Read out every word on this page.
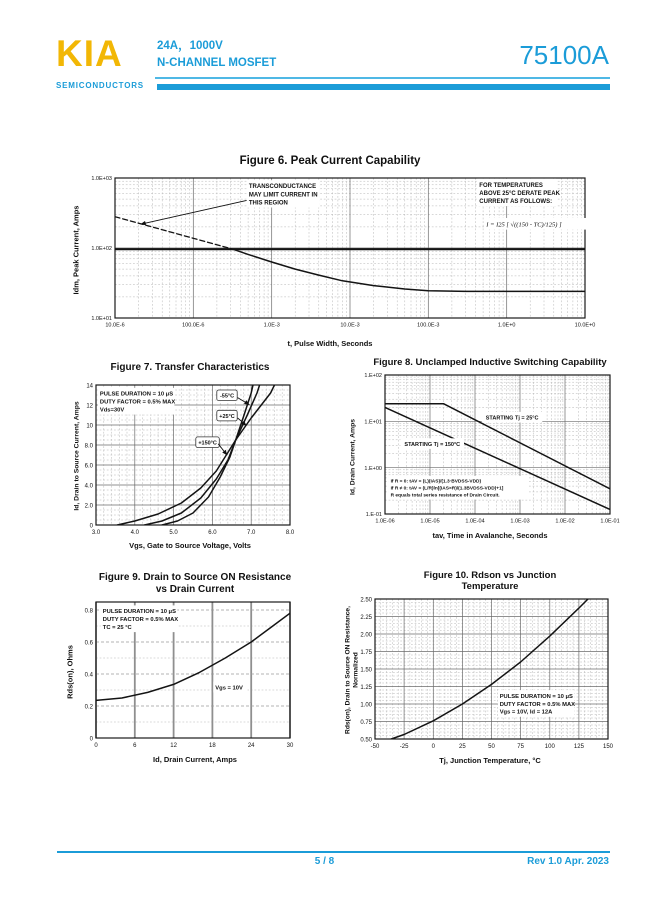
KIA
SEMICONDUCTORS
24A，1000V
N-CHANNEL MOSFET	75100A
Figure 6. Peak Current Capability
Idm, Peak Current, Amps
TRANSCONDUCTANCE
MAY LIMIT CURRENT IN
THIS REGION
FOR TEMPERATURES
ABOVE 25°C DERATE PEAK
CURRENT AS FOLLOWS:
I = I25 [ √((150 - TC)/125) ]
10.0E-6	100.0E-6	1.0E-3	10.0E-3	100.0E-3	1.0E+0	10.0E+0
1.0E+01
1.0E+02
1.0E+03
t, Pulse Width, Seconds
Figure 7. Transfer Characteristics
Id, Drain to Source Current, Amps
PULSE DURATION = 10 μS
DUTY FACTOR = 0.5% MAX
Vds=30V
-55°C
+25°C
+150°C
3.0	4.0	5.0	6.0	7.0	8.0
0
2.0
4.0
6.0
8.0
10
12
14
Vgs, Gate to Source Voltage, Volts
Figure 8. Unclamped Inductive Switching Capability
Id, Drain Current, Amps
STARTING Tj = 25°C
STARTING Tj = 150°C
If R = 0: tAV = (L)(IAS)/(1.3·BVDSS-VDD)
If R ≠ 0: tAV = (L/R)ln[(IAS×R)/(1.3BVDSS-VDD)+1]
R equals total series resistance of Drain Circuit.
1.0E-06	1.0E-05	1.0E-04	1.0E-03	1.0E-02	1.0E-01
1.E-01
1.E+00
1.E+01
1.E+02
tav, Time in Avalanche, Seconds
Figure 9. Drain to Source ON Resistance vs Drain Current
Rds(on), Ohms
PULSE DURATION = 10 μS
DUTY FACTOR = 0.5% MAX
TC = 25 °C
Vgs = 10V
0	6	12	18	24	30
0
0.2
0.4
0.6
0.8
Id, Drain Current, Amps
Figure 10. Rdson vs Junction Temperature
Rds(on), Drain to Source ON Resistance, Normalized
PULSE DURATION = 10 μS
DUTY FACTOR = 0.5% MAX
Vgs = 10V, Id = 12A
-50	-25	0	25	50	75	100	125	150
0.50
0.75
1.00
1.25
1.50
1.75
2.00
2.25
2.50
Tj, Junction Temperature, °C
5 / 8	Rev 1.0 Apr. 2023
